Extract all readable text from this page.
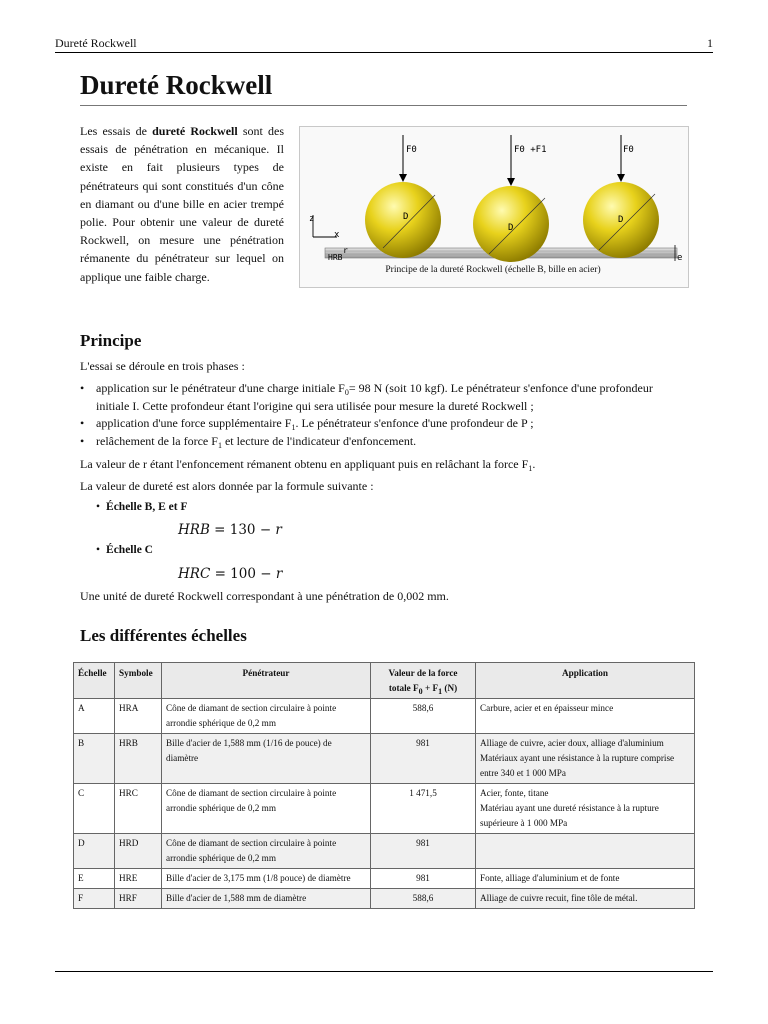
Dureté Rockwell	1
Dureté Rockwell
Les essais de dureté Rockwell sont des essais de pénétration en mécanique. Il existe en fait plusieurs types de pénétrateurs qui sont constitués d'un cône en diamant ou d'une bille en acier trempé polie. Pour obtenir une valeur de dureté Rockwell, on mesure une pénétration rémanente du pénétrateur sur lequel on applique une faible charge.
e
z
x
HRB
r
F0
D
F0 +F1
D
F0
D
Principe de la dureté Rockwell (échelle B, bille en acier)
Principe

L'essai se déroule en trois phases :

• application sur le pénétrateur d'une charge initiale $F_0= 98$ N (soit 10 kgf). Le pénétrateur s'enfonce d'une profondeur initiale I. Cette profondeur étant l'origine qui sera utilisée pour mesure la dureté Rockwell ;
• application d'une force supplémentaire $F_1$. Le pénétrateur s'enfonce d'une profondeur de P ;
• relâchement de la force $F_1$ et lecture de l'indicateur d'enfoncement.

La valeur de r étant l'enfoncement rémanent obtenu en appliquant puis en relâchant la force $F_1$.

La valeur de dureté est alors donnée par la formule suivante :

• Échelle B, E et F
HRB = 130 − r
• Échelle C
HRC = 100 − r

Une unité de dureté Rockwell correspondant à une pénétration de 0,002 mm.

Les différentes échelles
Échelle	Symbole	Pénétrateur	Valeur de la force
totale $F_0 + F_1$ (N)	Application
A	HRA	Cône de diamant de section circulaire à pointe arrondie sphérique de 0,2 mm	588,6	Carbure, acier et en épaisseur mince

B	HRB	Bille d'acier de 1,588 mm (1/16 de pouce) de diamètre	981	Alliage de cuivre, acier doux, alliage d'aluminium
Matériaux ayant une résistance à la rupture comprise entre 340 et 1 000 MPa

C	HRC	Cône de diamant de section circulaire à pointe arrondie sphérique de 0,2 mm	1 471,5	Acier, fonte, titane
Matériau ayant une dureté résistance à la rupture supérieure à 1 000 MPa

D	HRD	Cône de diamant de section circulaire à pointe arrondie sphérique de 0,2 mm	981	

E	HRE	Bille d'acier de 3,175 mm (1/8 pouce) de diamètre	981	Fonte, alliage d'aluminium et de fonte

F	HRF	Bille d'acier de 1,588 mm de diamètre	588,6	Alliage de cuivre recuit, fine tôle de métal.
